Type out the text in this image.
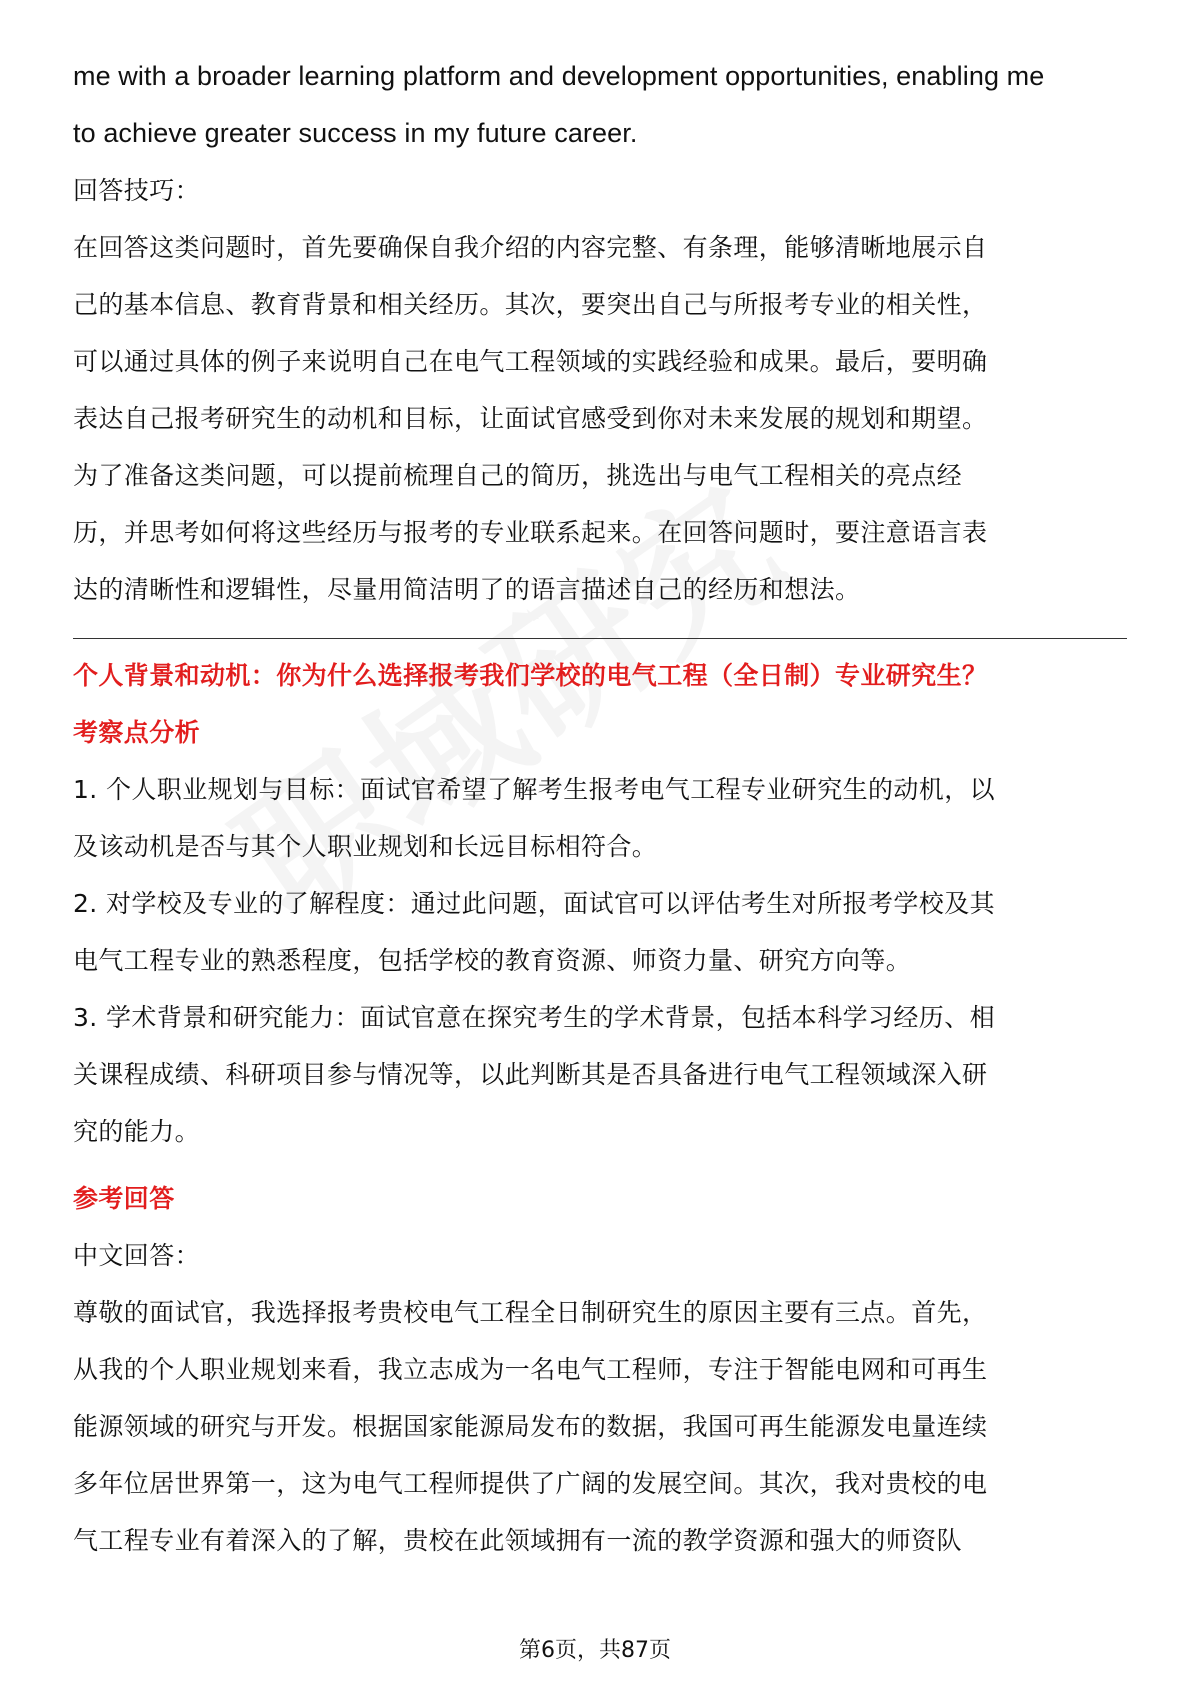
me with a broader learning platform and development opportunities, enabling me
to achieve greater success in my future career.
回答技巧：
在回答这类问题时，首先要确保自我介绍的内容完整、有条理，能够清晰地展示自
己的基本信息、教育背景和相关经历。其次，要突出自己与所报考专业的相关性，
可以通过具体的例子来说明自己在电气工程领域的实践经验和成果。最后，要明确
表达自己报考研究生的动机和目标，让面试官感受到你对未来发展的规划和期望。
为了准备这类问题，可以提前梳理自己的简历，挑选出与电气工程相关的亮点经
历，并思考如何将这些经历与报考的专业联系起来。在回答问题时，要注意语言表
达的清晰性和逻辑性，尽量用简洁明了的语言描述自己的经历和想法。
个人背景和动机：你为什么选择报考我们学校的电气工程（全日制）专业研究生？
考察点分析
1. 个人职业规划与目标：面试官希望了解考生报考电气工程专业研究生的动机，以
及该动机是否与其个人职业规划和长远目标相符合。
2. 对学校及专业的了解程度：通过此问题，面试官可以评估考生对所报考学校及其
电气工程专业的熟悉程度，包括学校的教育资源、师资力量、研究方向等。
3. 学术背景和研究能力：面试官意在探究考生的学术背景，包括本科学习经历、相
关课程成绩、科研项目参与情况等，以此判断其是否具备进行电气工程领域深入研
究的能力。
参考回答
中文回答：
尊敬的面试官，我选择报考贵校电气工程全日制研究生的原因主要有三点。首先，
从我的个人职业规划来看，我立志成为一名电气工程师，专注于智能电网和可再生
能源领域的研究与开发。根据国家能源局发布的数据，我国可再生能源发电量连续
多年位居世界第一，这为电气工程师提供了广阔的发展空间。其次，我对贵校的电
气工程专业有着深入的了解，贵校在此领域拥有一流的教学资源和强大的师资队
第6页，共87页
